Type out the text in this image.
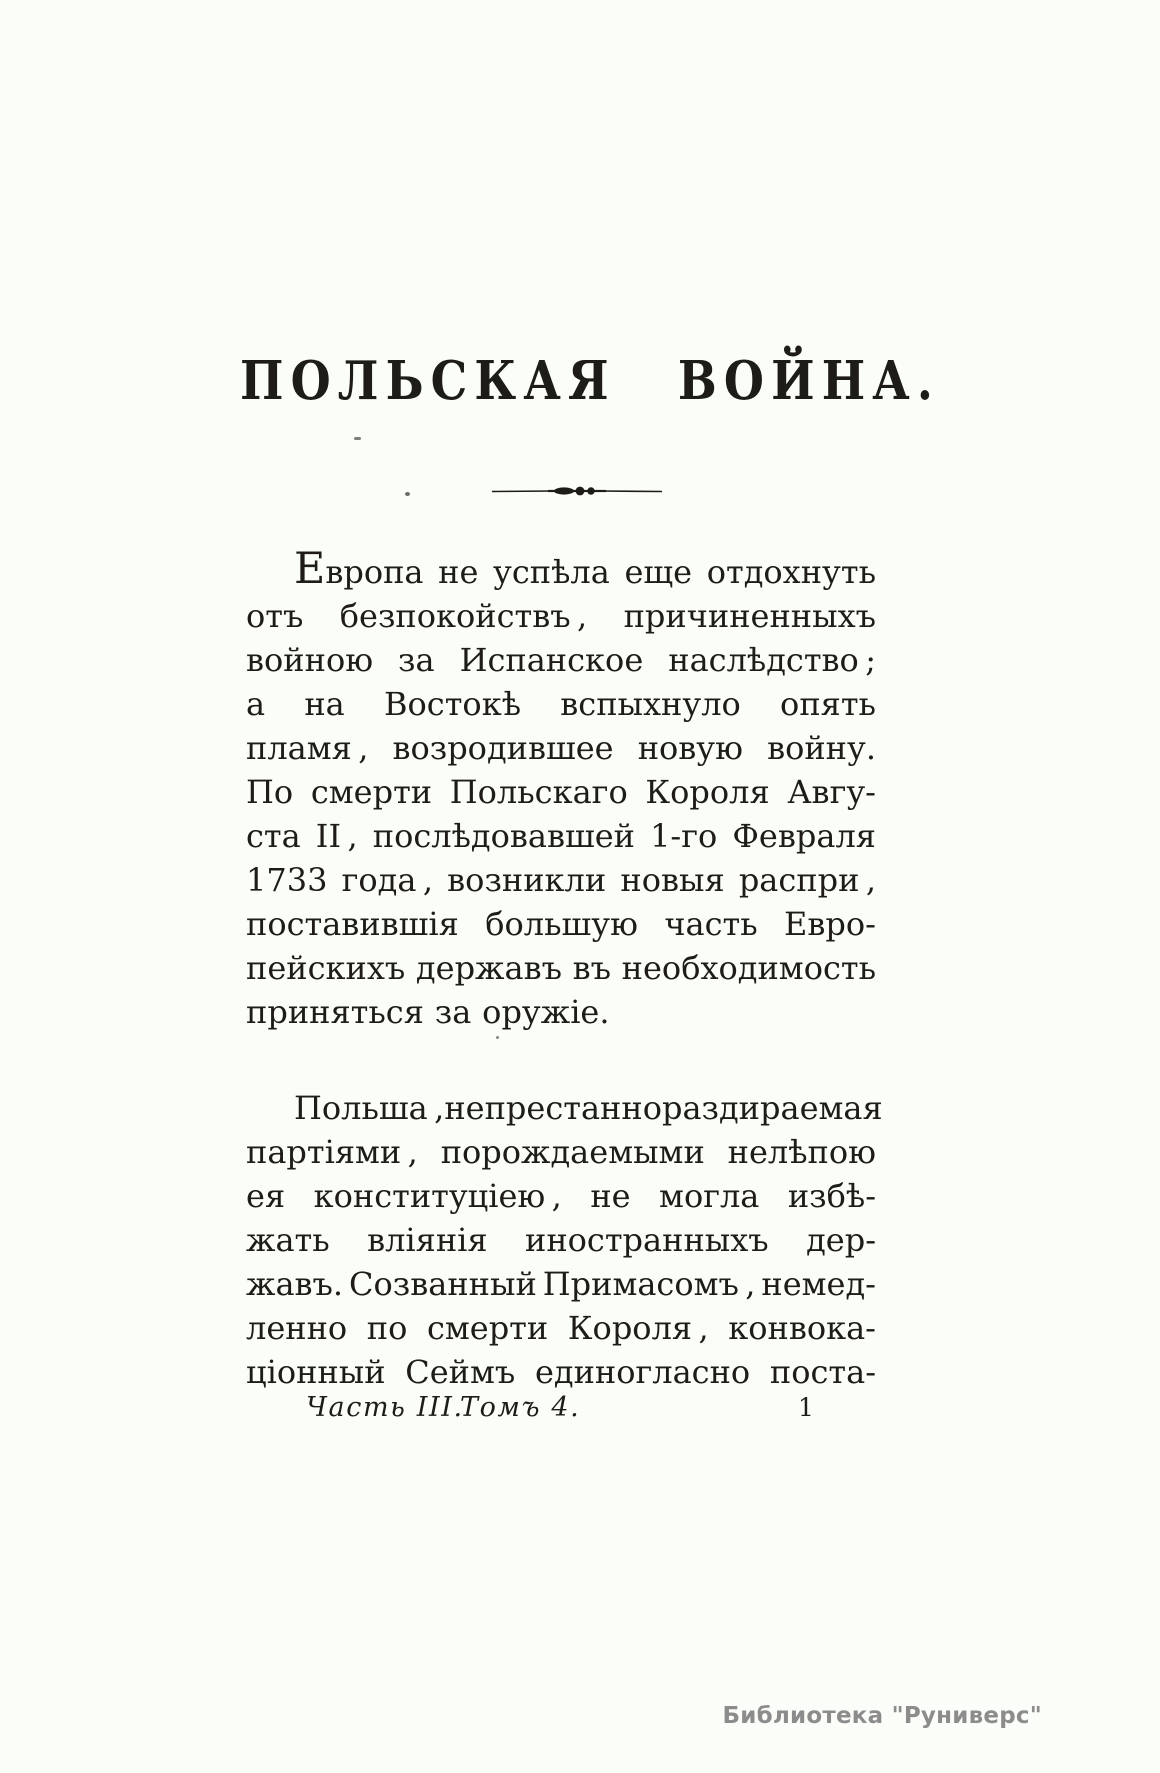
ПОЛЬСКАЯ ВОЙНА.
Европа не успѣла еще отдохнуть
отъ безпокойствъ , причиненныхъ
войною за Испанское наслѣдство ;
а на Востокѣ вспыхнуло опять
пламя , возродившее новую войну.
По смерти Польскаго Короля Авгу-
ста II , послѣдовавшей 1-го Февраля
1733 года , возникли новыя распри ,
поставившія большую часть Евро-
пейскихъ державъ въ необходимость
приняться за оружіе.
Польша , непрестанно раздираемая
партіями , порождаемыми нелѣпою
ея конституціею , не могла избѣ-
жать вліянія иностранныхъ дер-
жавъ. Созванный Примасомъ , немед-
ленно по смерти Короля , конвока-
ціонный Сеймъ единогласно поста-
Часть III.
Томъ 4.	1
Библиотека "Руниверс"
